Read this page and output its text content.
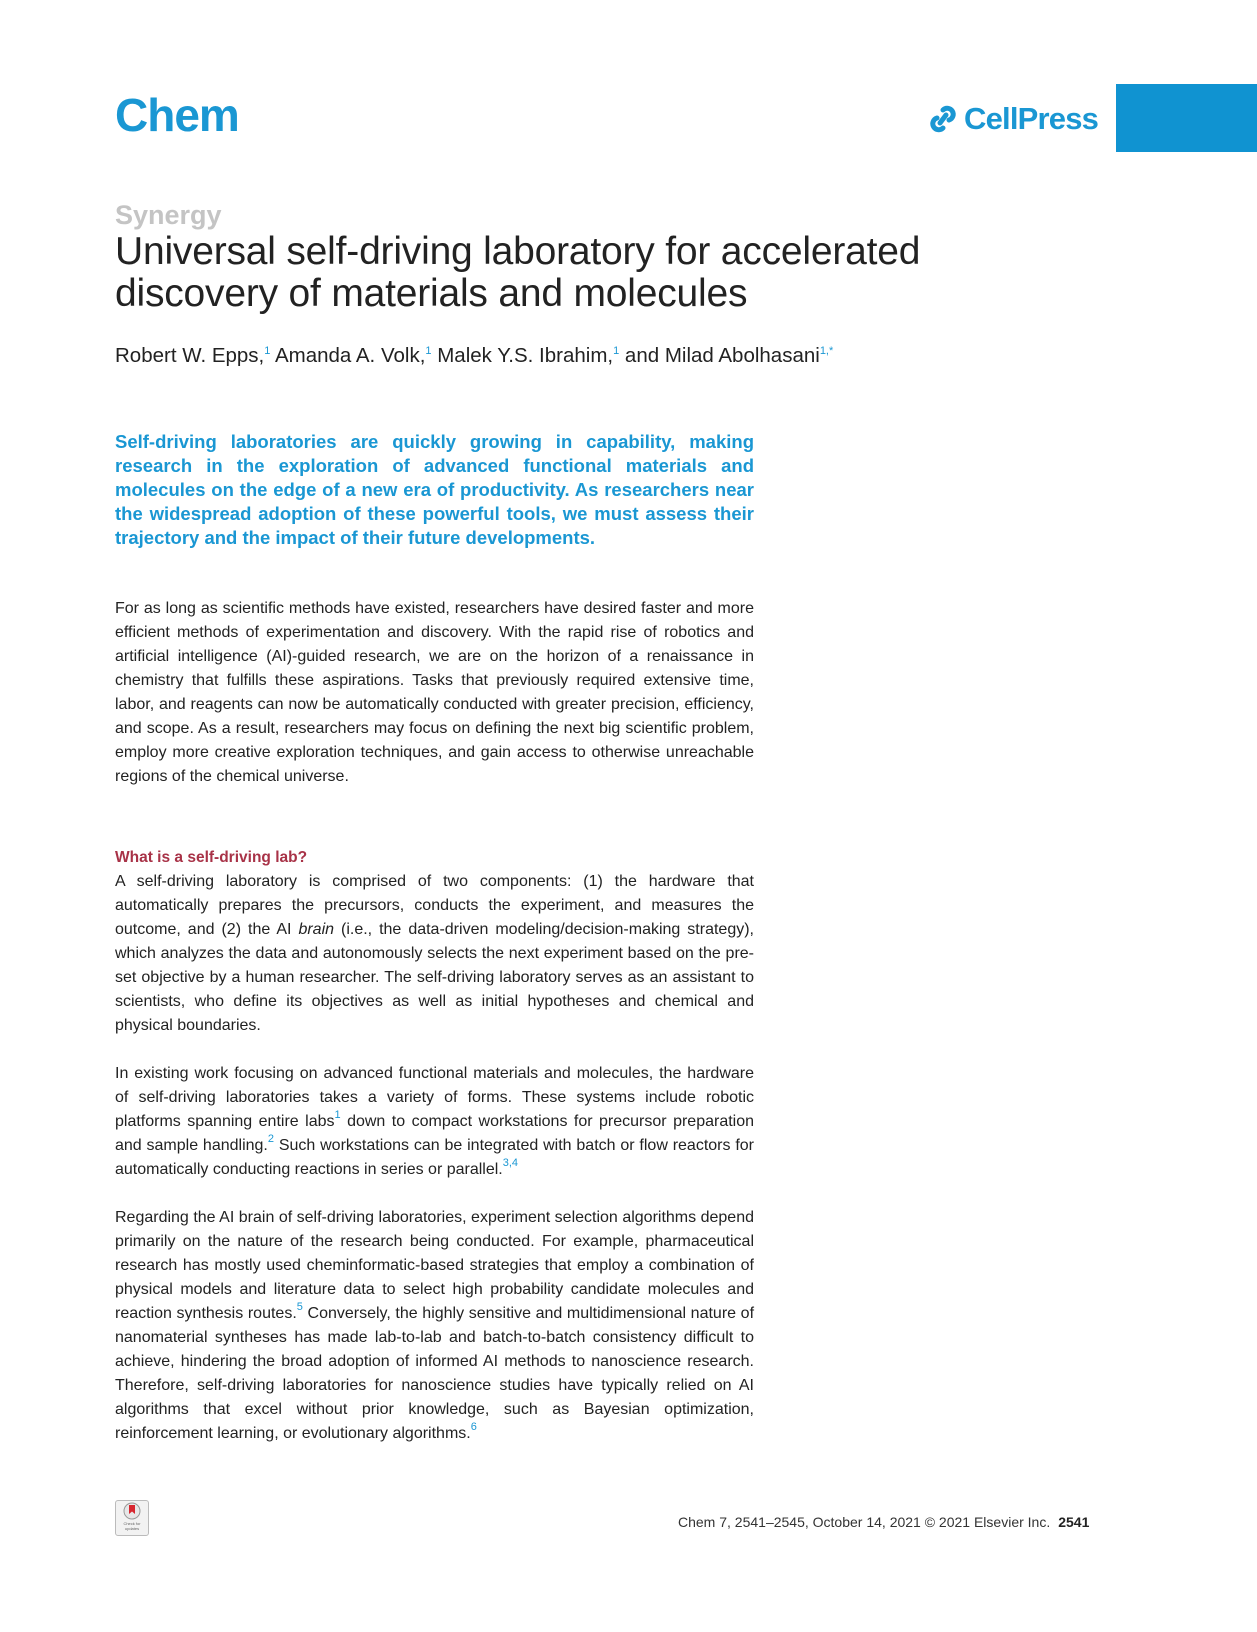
Chem	CellPress
Synergy
Universal self-driving laboratory for accelerated
discovery of materials and molecules
Robert W. Epps,$^1$ Amanda A. Volk,$^1$ Malek Y.S. Ibrahim,$^1$ and Milad Abolhasani$^{1,*}$

Self-driving laboratories are quickly growing in capability, making research in the exploration of advanced functional materials and molecules on the edge of a new era of productivity. As researchers near the widespread adoption of these powerful tools, we must assess their trajectory and the impact of their future developments.

For as long as scientific methods have existed, researchers have desired faster and more efficient methods of experimentation and discovery. With the rapid rise of robotics and artificial intelligence (AI)-guided research, we are on the horizon of a renaissance in chemistry that fulfills these aspirations. Tasks that previously required extensive time, labor, and reagents can now be automatically conducted with greater precision, efficiency, and scope. As a result, researchers may focus on defining the next big scientific problem, employ more creative exploration techniques, and gain access to otherwise unreachable regions of the chemical universe.

What is a self-driving lab?

A self-driving laboratory is comprised of two components: (1) the hardware that automatically prepares the precursors, conducts the experiment, and measures the outcome, and (2) the AI brain (i.e., the data-driven modeling/decision-making strategy), which analyzes the data and autonomously selects the next experiment based on the pre-set objective by a human researcher. The self-driving laboratory serves as an assistant to scientists, who define its objectives as well as initial hypotheses and chemical and physical boundaries.

In existing work focusing on advanced functional materials and molecules, the hardware of self-driving laboratories takes a variety of forms. These systems include robotic platforms spanning entire labs$^1$ down to compact workstations for precursor preparation and sample handling.$^2$ Such workstations can be integrated with batch or flow reactors for automatically conducting reactions in series or parallel.$^{3,4}$

Regarding the AI brain of self-driving laboratories, experiment selection algorithms depend primarily on the nature of the research being conducted. For example, pharmaceutical research has mostly used cheminformatic-based strategies that employ a combination of physical models and literature data to select high probability candidate molecules and reaction synthesis routes.$^5$ Conversely, the highly sensitive and multidimensional nature of nanomaterial syntheses has made lab-to-lab and batch-to-batch consistency difficult to achieve, hindering the broad adoption of informed AI methods to nanoscience research. Therefore, self-driving laboratories for nanoscience studies have typically relied on AI algorithms that excel without prior knowledge, such as Bayesian optimization, reinforcement learning, or evolutionary algorithms.$^6$

Check for
updates	Chem 7, 2541–2545, October 14, 2021 © 2021 Elsevier Inc. 2541
